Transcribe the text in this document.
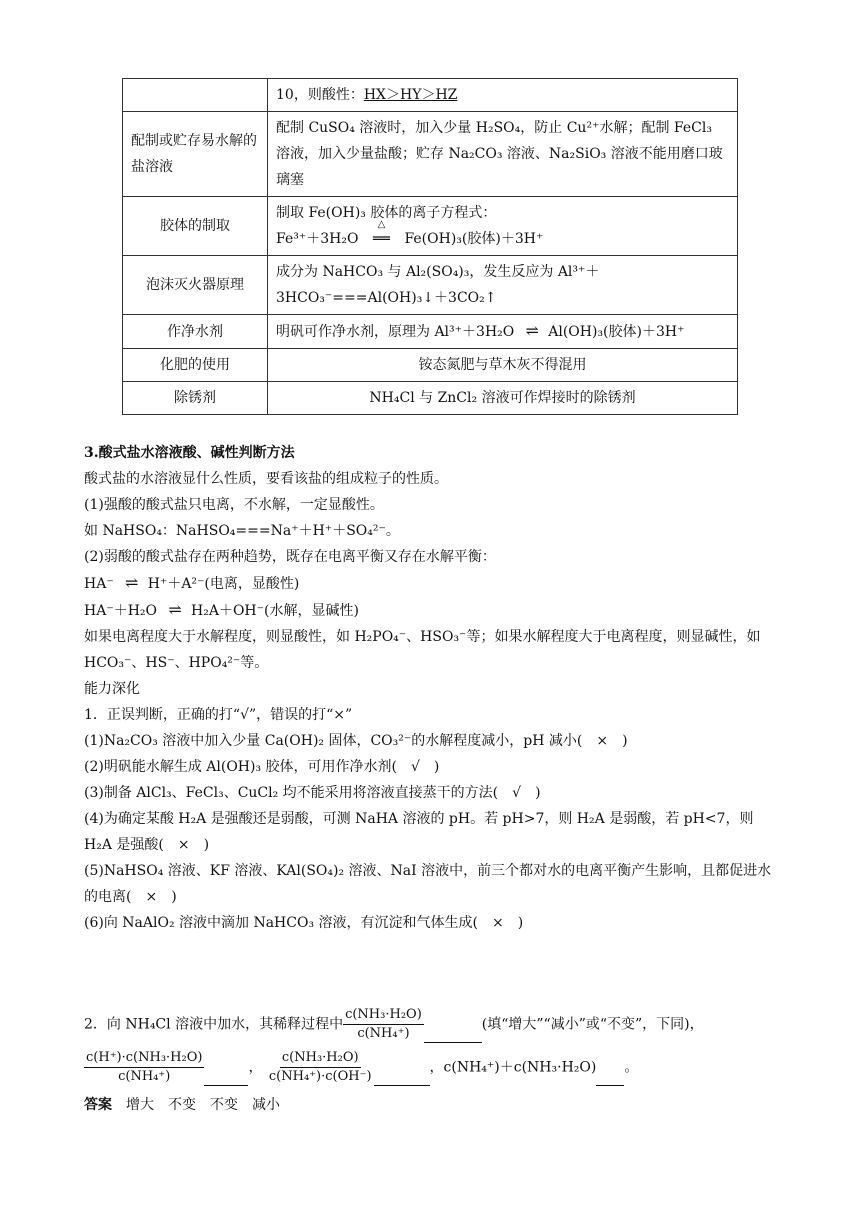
	10，则酸性：HX＞HY＞HZ
配制或贮存易水解的盐溶液	配制 CuSO₄ 溶液时，加入少量 H₂SO₄，防止 Cu²⁺水解；配制 FeCl₃ 溶液，加入少量盐酸；贮存 Na₂CO₃ 溶液、Na₂SiO₃ 溶液不能用磨口玻璃塞
胶体的制取	制取 Fe(OH)₃ 胶体的离子方程式：
Fe³⁺＋3H₂O
△
══ Fe(OH)₃(胶体)＋3H⁺

泡沫灭火器原理	成分为 NaHCO₃ 与 Al₂(SO₄)₃，发生反应为 Al³⁺＋3HCO₃⁻===Al(OH)₃↓＋3CO₂↑
作净水剂	明矾可作净水剂，原理为 Al³⁺＋3H₂O ⇌ Al(OH)₃(胶体)＋3H⁺
化肥的使用	铵态氮肥与草木灰不得混用
除锈剂	NH₄Cl 与 ZnCl₂ 溶液可作焊接时的除锈剂
3.酸式盐水溶液酸、碱性判断方法
酸式盐的水溶液显什么性质，要看该盐的组成粒子的性质。
(1)强酸的酸式盐只电离，不水解，一定显酸性。
如 NaHSO₄：NaHSO₄===Na⁺＋H⁺＋SO₄²⁻。
(2)弱酸的酸式盐存在两种趋势，既存在电离平衡又存在水解平衡：
HA⁻ ⇌ H⁺＋A²⁻(电离，显酸性)
HA⁻＋H₂O ⇌ H₂A＋OH⁻(水解，显碱性)
如果电离程度大于水解程度，则显酸性，如 H₂PO₄⁻、HSO₃⁻等；如果水解程度大于电离程度，则显碱性，如 HCO₃⁻、HS⁻、HPO₄²⁻等。
能力深化
1．正误判断，正确的打“√”，错误的打“×”
(1)Na₂CO₃ 溶液中加入少量 Ca(OH)₂ 固体，CO₃²⁻的水解程度减小，pH 减小(　×　)
(2)明矾能水解生成 Al(OH)₃ 胶体，可用作净水剂(　√　)
(3)制备 AlCl₃、FeCl₃、CuCl₂ 均不能采用将溶液直接蒸干的方法(　√　)
(4)为确定某酸 H₂A 是强酸还是弱酸，可测 NaHA 溶液的 pH。若 pH>7，则 H₂A 是弱酸，若 pH<7，则 H₂A 是强酸(　×　)
(5)NaHSO₄ 溶液、KF 溶液、KAl(SO₄)₂ 溶液、NaI 溶液中，前三个都对水的电离平衡产生影响，且都促进水的电离(　×　)
(6)向 NaAlO₂ 溶液中滴加 NaHCO₃ 溶液，有沉淀和气体生成(　×　)
2．向 NH₄Cl 溶液中加水，其稀释过程中 $\frac{\text{c(NH₃·H₂O)}}{\text{c(NH₄⁺)}}$	(填“增大”“减小”或“不变”，下同)，
$\frac{\text{c(H⁺)·c(NH₃·H₂O)}}{\text{c(NH₄⁺)}}$	， $\frac{\text{c(NH₃·H₂O)}}{\text{c(NH₄⁺)·c(OH⁻)}}$	，c(NH₄⁺)＋c(NH₃·H₂O) 。
答案　 增大　不变　不变　减小
